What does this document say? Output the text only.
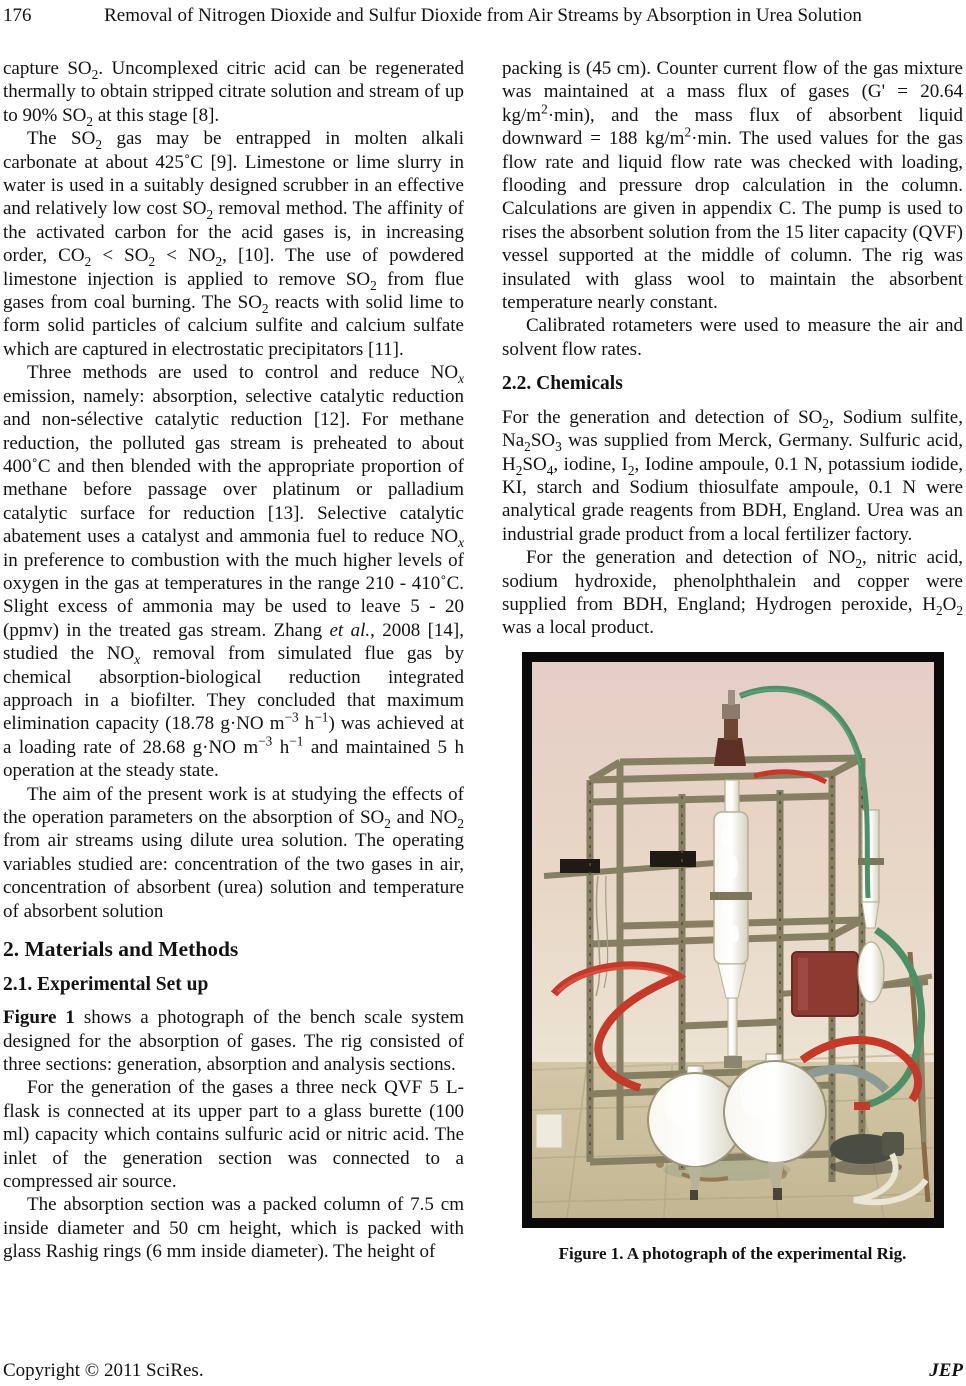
176	Removal of Nitrogen Dioxide and Sulfur Dioxide from Air Streams by Absorption in Urea Solution

capture $SO_2$. Uncomplexed citric acid can be regenerated thermally to obtain stripped citrate solution and stream of up to 90% $SO_2$ at this stage [8].

The $SO_2$ gas may be entrapped in molten alkali carbonate at about 425˚C [9]. Limestone or lime slurry in water is used in a suitably designed scrubber in an effective and relatively low cost $SO_2$ removal method. The affinity of the activated carbon for the acid gases is, in increasing order, $CO_2 < SO_2 < NO_2$, [10]. The use of powdered limestone injection is applied to remove $SO_2$ from flue gases from coal burning. The $SO_2$ reacts with solid lime to form solid particles of calcium sulfite and calcium sulfate which are captured in electrostatic precipitators [11].

Three methods are used to control and reduce $NO_x$ emission, namely: absorption, selective catalytic reduction and non-sélective catalytic reduction [12]. For methane reduction, the polluted gas stream is preheated to about 400˚C and then blended with the appropriate proportion of methane before passage over platinum or palladium catalytic surface for reduction [13]. Selective catalytic abatement uses a catalyst and ammonia fuel to reduce $NO_x$ in preference to combustion with the much higher levels of oxygen in the gas at temperatures in the range 210 - 410˚C. Slight excess of ammonia may be used to leave 5 - 20 (ppmv) in the treated gas stream. Zhang et al., 2008 [14], studied the $NO_x$ removal from simulated flue gas by chemical absorption-biological reduction integrated approach in a biofilter. They concluded that maximum elimination capacity (18.78 g·NO $m^{-3}$ $h^{-1}$) was achieved at a loading rate of 28.68 g·NO $m^{-3}$ $h^{-1}$ and maintained 5 h operation at the steady state.

The aim of the present work is at studying the effects of the operation parameters on the absorption of $SO_2$ and $NO_2$ from air streams using dilute urea solution. The operating variables studied are: concentration of the two gases in air, concentration of absorbent (urea) solution and temperature of absorbent solution

2. Materials and Methods
2.1. Experimental Set up

Figure 1 shows a photograph of the bench scale system designed for the absorption of gases. The rig consisted of three sections: generation, absorption and analysis sections.

For the generation of the gases a three neck QVF 5 L-flask is connected at its upper part to a glass burette (100 ml) capacity which contains sulfuric acid or nitric acid. The inlet of the generation section was connected to a compressed air source.

The absorption section was a packed column of 7.5 cm inside diameter and 50 cm height, which is packed with glass Rashig rings (6 mm inside diameter). The height of

packing is (45 cm). Counter current flow of the gas mixture was maintained at a mass flux of gases (G' = 20.64 $kg/m^2\cdot\min$), and the mass flux of absorbent liquid downward = 188 $kg/m^2\cdot\min$. The used values for the gas flow rate and liquid flow rate was checked with loading, flooding and pressure drop calculation in the column. Calculations are given in appendix C. The pump is used to rises the absorbent solution from the 15 liter capacity (QVF) vessel supported at the middle of column. The rig was insulated with glass wool to maintain the absorbent temperature nearly constant.

Calibrated rotameters were used to measure the air and solvent flow rates.

2.2. Chemicals

For the generation and detection of $SO_2$, Sodium sulfite, $Na_2SO_3$ was supplied from Merck, Germany. Sulfuric acid, $H_2SO_4$, iodine, $I_2$, Iodine ampoule, 0.1 N, potassium iodide, KI, starch and Sodium thiosulfate ampoule, 0.1 N were analytical grade reagents from BDH, England. Urea was an industrial grade product from a local fertilizer factory.

For the generation and detection of $NO_2$, nitric acid, sodium hydroxide, phenolphthalein and copper were supplied from BDH, England; Hydrogen peroxide, $H_2O_2$ was a local product.

Figure 1. A photograph of the experimental Rig.
Copyright © 2011 SciRes.	JEP
